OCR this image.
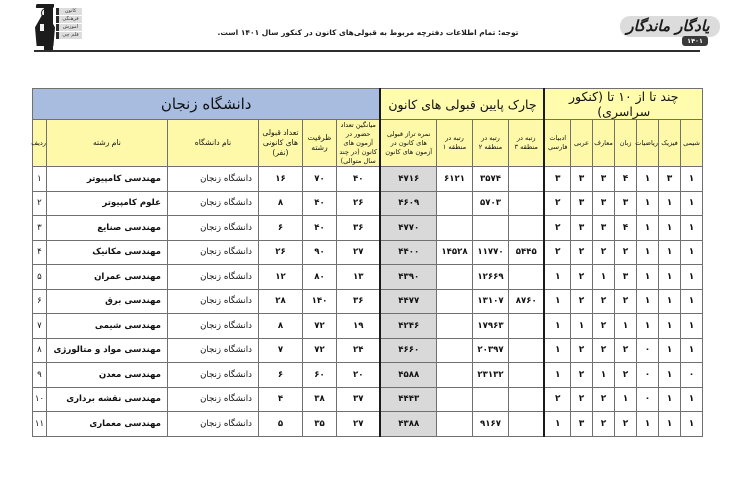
کانون
فرهنگی
آموزش
قلم چی	توجه: تمام اطلاعات دفترچه مربوط به قبولی‌های کانون در کنکور سال ۱۴۰۱ است.	یادگار ماندگار
۱۴۰۱
چند تا از ۱۰ تا (کنکور سراسری)							چارک پایین قبولی های کانون				دانشگاه زنجان					
شیمی	فیزیک	ریاضیات	زبان	معارف	عربی	ادبیات فارسی	رتبه در منطقه ۳	رتبه در منطقه ۲	رتبه در منطقه ۱	نمره تراز قبولی های کانون در آزمون های کانون	میانگین تعداد حضور در آزمون های کانون (در چند سال متوالی)	ظرفیت رشته	تعداد قبولی های کانونی (نفر)	نام دانشگاه	نام رشته	ردیف
۱	۳	۱	۴	۳	۳	۳		۳۵۷۴	۶۱۲۱	۴۷۱۶	۴۰	۷۰	۱۶	دانشگاه زنجان	مهندسی کامپیوتر	۱
۱	۱	۱	۳	۳	۳	۲		۵۷۰۳		۴۶۰۹	۲۶	۴۰	۸	دانشگاه زنجان	علوم کامپیوتر	۲
۱	۱	۱	۴	۳	۳	۲				۴۷۷۰	۳۶	۴۰	۶	دانشگاه زنجان	مهندسی صنایع	۳
۱	۱	۱	۲	۲	۲	۲	۵۴۴۵	۱۱۷۷۰	۱۴۵۲۸	۴۴۰۰	۲۷	۹۰	۲۶	دانشگاه زنجان	مهندسی مکانیک	۴
۱	۱	۱	۳	۱	۲	۱		۱۲۶۶۹		۴۳۹۰	۱۳	۸۰	۱۲	دانشگاه زنجان	مهندسی عمران	۵
۱	۱	۱	۲	۲	۲	۱	۸۷۶۰	۱۳۱۰۷		۴۴۷۷	۳۶	۱۴۰	۲۸	دانشگاه زنجان	مهندسی برق	۶
۱	۱	۱	۱	۲	۱	۱		۱۷۹۶۳		۴۲۴۶	۱۹	۷۲	۸	دانشگاه زنجان	مهندسی شیمی	۷
۱	۱	۰	۲	۲	۲	۱		۲۰۳۹۷		۴۶۶۰	۲۴	۷۲	۷	دانشگاه زنجان	مهندسی مواد و متالورژی	۸
۰	۱	۰	۲	۱	۲	۱		۲۳۱۳۲		۴۵۸۸	۲۰	۶۰	۶	دانشگاه زنجان	مهندسی معدن	۹
۱	۱	۰	۱	۲	۲	۲				۴۴۴۳	۳۷	۳۸	۴	دانشگاه زنجان	مهندسی نقشه برداری	۱۰
۱	۱	۱	۲	۲	۳	۱		۹۱۶۷		۴۳۸۸	۲۷	۳۵	۵	دانشگاه زنجان	مهندسی معماری	۱۱
